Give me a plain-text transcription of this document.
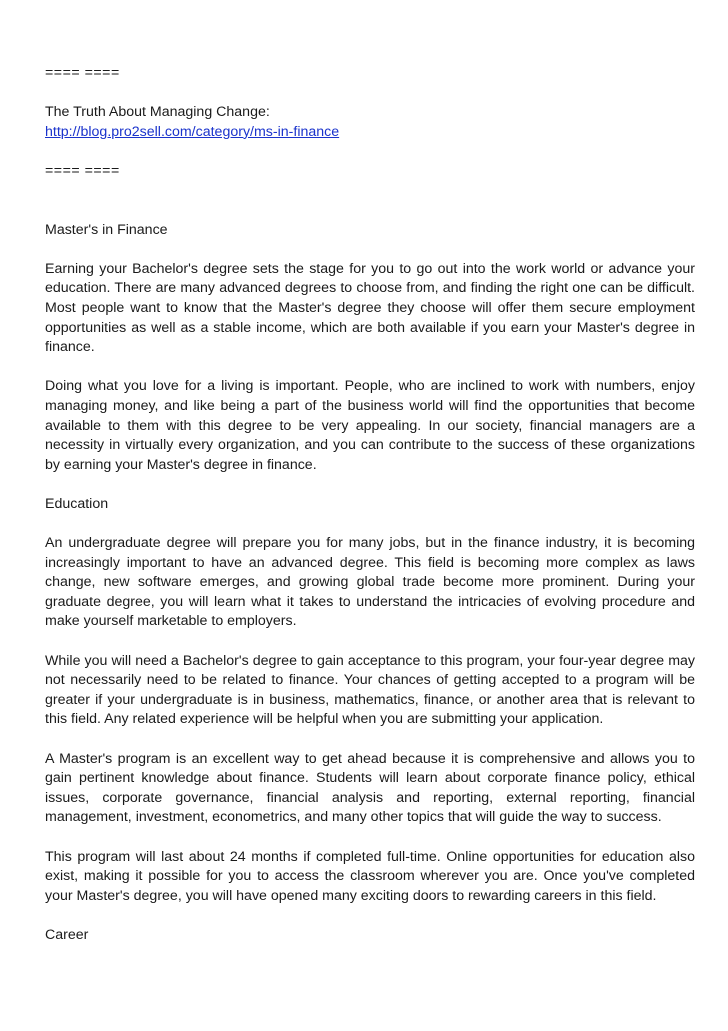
==== ====

The Truth About Managing Change:

http://blog.pro2sell.com/category/ms-in-finance

==== ====

Master's in Finance

Earning your Bachelor's degree sets the stage for you to go out into the work world or advance your education. There are many advanced degrees to choose from, and finding the right one can be difficult. Most people want to know that the Master's degree they choose will offer them secure employment opportunities as well as a stable income, which are both available if you earn your Master's degree in finance.

Doing what you love for a living is important. People, who are inclined to work with numbers, enjoy managing money, and like being a part of the business world will find the opportunities that become available to them with this degree to be very appealing. In our society, financial managers are a necessity in virtually every organization, and you can contribute to the success of these organizations by earning your Master's degree in finance.

Education

An undergraduate degree will prepare you for many jobs, but in the finance industry, it is becoming increasingly important to have an advanced degree. This field is becoming more complex as laws change, new software emerges, and growing global trade become more prominent. During your graduate degree, you will learn what it takes to understand the intricacies of evolving procedure and make yourself marketable to employers.

While you will need a Bachelor's degree to gain acceptance to this program, your four-year degree may not necessarily need to be related to finance. Your chances of getting accepted to a program will be greater if your undergraduate is in business, mathematics, finance, or another area that is relevant to this field. Any related experience will be helpful when you are submitting your application.

A Master's program is an excellent way to get ahead because it is comprehensive and allows you to gain pertinent knowledge about finance. Students will learn about corporate finance policy, ethical issues, corporate governance, financial analysis and reporting, external reporting, financial management, investment, econometrics, and many other topics that will guide the way to success.

This program will last about 24 months if completed full-time. Online opportunities for education also exist, making it possible for you to access the classroom wherever you are. Once you've completed your Master's degree, you will have opened many exciting doors to rewarding careers in this field.

Career
